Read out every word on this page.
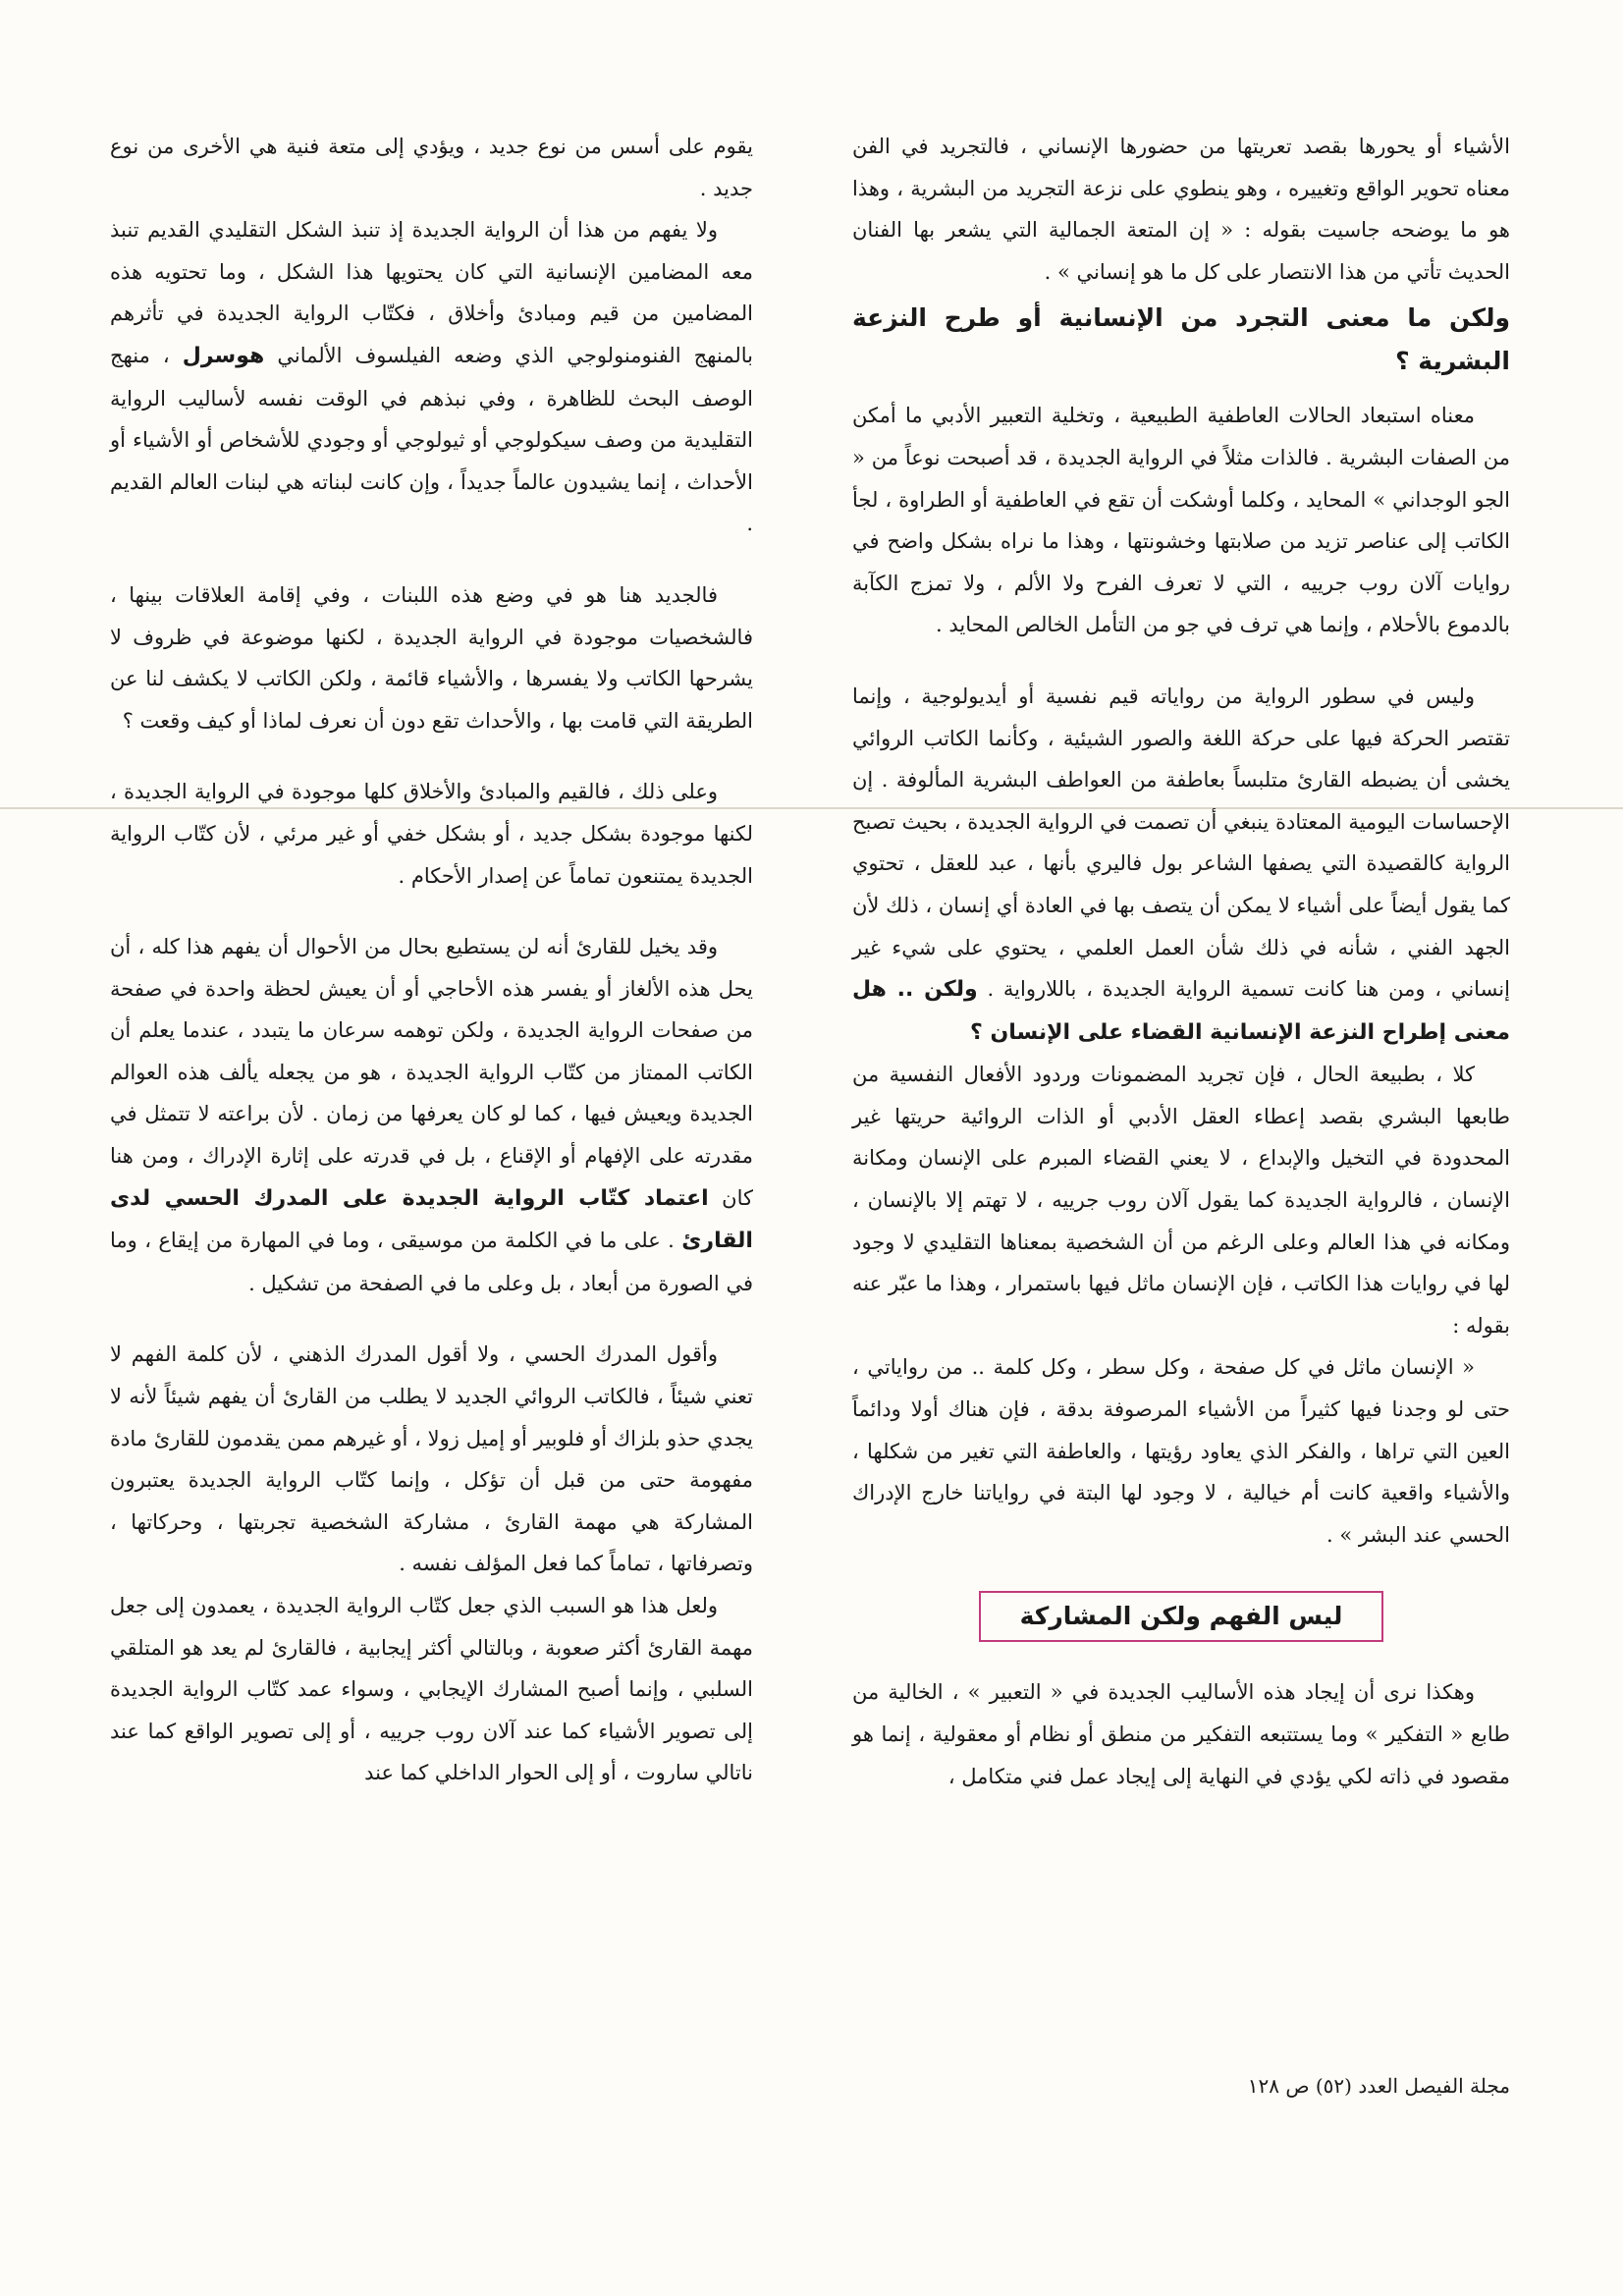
الأشياء أو يحورها بقصد تعريتها من حضورها الإنساني ، فالتجريد في الفن معناه تحوير الواقع وتغييره ، وهو ينطوي على نزعة التجريد من البشرية ، وهذا هو ما يوضحه جاسيت بقوله : « إن المتعة الجمالية التي يشعر بها الفنان الحديث تأتي من هذا الانتصار على كل ما هو إنساني » .

ولكن ما معنى التجرد من الإنسانية أو طرح النزعة البشرية ؟

معناه استبعاد الحالات العاطفية الطبيعية ، وتخلية التعبير الأدبي ما أمكن من الصفات البشرية . فالذات مثلاً في الرواية الجديدة ، قد أصبحت نوعاً من « الجو الوجداني » المحايد ، وكلما أوشكت أن تقع في العاطفية أو الطراوة ، لجأ الكاتب إلى عناصر تزيد من صلابتها وخشونتها ، وهذا ما نراه بشكل واضح في روايات آلان روب جرييه ، التي لا تعرف الفرح ولا الألم ، ولا تمزج الكآبة بالدموع بالأحلام ، وإنما هي ترف في جو من التأمل الخالص المحايد .

وليس في سطور الرواية من رواياته قيم نفسية أو أيديولوجية ، وإنما تقتصر الحركة فيها على حركة اللغة والصور الشيئية ، وكأنما الكاتب الروائي يخشى أن يضبطه القارئ متلبساً بعاطفة من العواطف البشرية المألوفة . إن الإحساسات اليومية المعتادة ينبغي أن تصمت في الرواية الجديدة ، بحيث تصبح الرواية كالقصيدة التي يصفها الشاعر بول فاليري بأنها ، عبد للعقل ، تحتوي كما يقول أيضاً على أشياء لا يمكن أن يتصف بها في العادة أي إنسان ، ذلك لأن الجهد الفني ، شأنه في ذلك شأن العمل العلمي ، يحتوي على شيء غير إنساني ، ومن هنا كانت تسمية الرواية الجديدة ، باللارواية . ولكن .. هل معنى إطراح النزعة الإنسانية القضاء على الإنسان ؟

كلا ، بطبيعة الحال ، فإن تجريد المضمونات وردود الأفعال النفسية من طابعها البشري بقصد إعطاء العقل الأدبي أو الذات الروائية حريتها غير المحدودة في التخيل والإبداع ، لا يعني القضاء المبرم على الإنسان ومكانة الإنسان ، فالرواية الجديدة كما يقول آلان روب جرييه ، لا تهتم إلا بالإنسان ، ومكانه في هذا العالم وعلى الرغم من أن الشخصية بمعناها التقليدي لا وجود لها في روايات هذا الكاتب ، فإن الإنسان ماثل فيها باستمرار ، وهذا ما عبّر عنه بقوله :

« الإنسان ماثل في كل صفحة ، وكل سطر ، وكل كلمة .. من رواياتي ، حتى لو وجدنا فيها كثيراً من الأشياء المرصوفة بدقة ، فإن هناك أولا ودائماً العين التي تراها ، والفكر الذي يعاود رؤيتها ، والعاطفة التي تغير من شكلها ، والأشياء واقعية كانت أم خيالية ، لا وجود لها البتة في رواياتنا خارج الإدراك الحسي عند البشر » .

ليس الفهم ولكن المشاركة

وهكذا نرى أن إيجاد هذه الأساليب الجديدة في « التعبير » ، الخالية من طابع « التفكير » وما يستتبعه التفكير من منطق أو نظام أو معقولية ، إنما هو مقصود في ذاته لكي يؤدي في النهاية إلى إيجاد عمل فني متكامل ،

يقوم على أسس من نوع جديد ، ويؤدي إلى متعة فنية هي الأخرى من نوع جديد .

ولا يفهم من هذا أن الرواية الجديدة إذ تنبذ الشكل التقليدي القديم تنبذ معه المضامين الإنسانية التي كان يحتويها هذا الشكل ، وما تحتويه هذه المضامين من قيم ومبادئ وأخلاق ، فكتّاب الرواية الجديدة في تأثرهم بالمنهج الفنومنولوجي الذي وضعه الفيلسوف الألماني هوسرل ، منهج الوصف البحث للظاهرة ، وفي نبذهم في الوقت نفسه لأساليب الرواية التقليدية من وصف سيكولوجي أو ثيولوجي أو وجودي للأشخاص أو الأشياء أو الأحداث ، إنما يشيدون عالماً جديداً ، وإن كانت لبناته هي لبنات العالم القديم .

فالجديد هنا هو في وضع هذه اللبنات ، وفي إقامة العلاقات بينها ، فالشخصيات موجودة في الرواية الجديدة ، لكنها موضوعة في ظروف لا يشرحها الكاتب ولا يفسرها ، والأشياء قائمة ، ولكن الكاتب لا يكشف لنا عن الطريقة التي قامت بها ، والأحداث تقع دون أن نعرف لماذا أو كيف وقعت ؟

وعلى ذلك ، فالقيم والمبادئ والأخلاق كلها موجودة في الرواية الجديدة ، لكنها موجودة بشكل جديد ، أو بشكل خفي أو غير مرئي ، لأن كتّاب الرواية الجديدة يمتنعون تماماً عن إصدار الأحكام .

وقد يخيل للقارئ أنه لن يستطيع بحال من الأحوال أن يفهم هذا كله ، أن يحل هذه الألغاز أو يفسر هذه الأحاجي أو أن يعيش لحظة واحدة في صفحة من صفحات الرواية الجديدة ، ولكن توهمه سرعان ما يتبدد ، عندما يعلم أن الكاتب الممتاز من كتّاب الرواية الجديدة ، هو من يجعله يألف هذه العوالم الجديدة ويعيش فيها ، كما لو كان يعرفها من زمان . لأن براعته لا تتمثل في مقدرته على الإفهام أو الإقناع ، بل في قدرته على إثارة الإدراك ، ومن هنا كان اعتماد كتّاب الرواية الجديدة على المدرك الحسي لدى القارئ . على ما في الكلمة من موسيقى ، وما في المهارة من إيقاع ، وما في الصورة من أبعاد ، بل وعلى ما في الصفحة من تشكيل .

وأقول المدرك الحسي ، ولا أقول المدرك الذهني ، لأن كلمة الفهم لا تعني شيئاً ، فالكاتب الروائي الجديد لا يطلب من القارئ أن يفهم شيئاً لأنه لا يجدي حذو بلزاك أو فلوبير أو إميل زولا ، أو غيرهم ممن يقدمون للقارئ مادة مفهومة حتى من قبل أن تؤكل ، وإنما كتّاب الرواية الجديدة يعتبرون المشاركة هي مهمة القارئ ، مشاركة الشخصية تجربتها ، وحركاتها ، وتصرفاتها ، تماماً كما فعل المؤلف نفسه .

ولعل هذا هو السبب الذي جعل كتّاب الرواية الجديدة ، يعمدون إلى جعل مهمة القارئ أكثر صعوبة ، وبالتالي أكثر إيجابية ، فالقارئ لم يعد هو المتلقي السلبي ، وإنما أصبح المشارك الإيجابي ، وسواء عمد كتّاب الرواية الجديدة إلى تصوير الأشياء كما عند آلان روب جرييه ، أو إلى تصوير الواقع كما عند ناتالي ساروت ، أو إلى الحوار الداخلي كما عند

مجلة الفيصل العدد (٥٢) ص ١٢٨
